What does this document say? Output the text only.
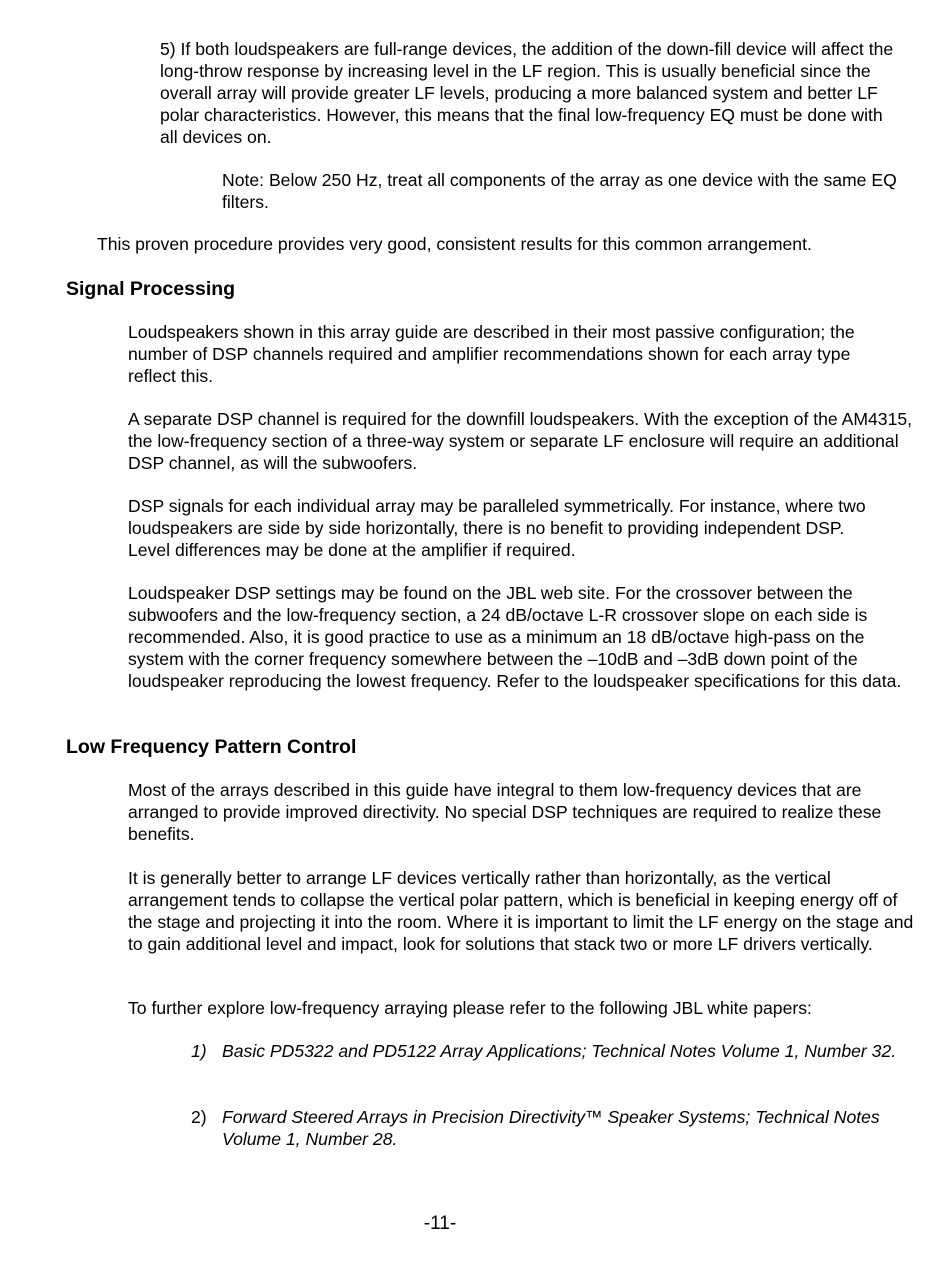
5) If both loudspeakers are full-range devices, the addition of the down-fill device will affect the long-throw response by increasing level in the LF region. This is usually beneficial since the overall array will provide greater LF levels, producing a more balanced system and better LF polar characteristics. However, this means that the final low-frequency EQ must be done with all devices on.

Note: Below 250 Hz, treat all components of the array as one device with the same EQ filters.

This proven procedure provides very good, consistent results for this common arrangement.

Signal Processing

Loudspeakers shown in this array guide are described in their most passive configuration; the number of DSP channels required and amplifier recommendations shown for each array type reflect this.

A separate DSP channel is required for the downfill loudspeakers. With the exception of the AM4315, the low-frequency section of a three-way system or separate LF enclosure will require an additional DSP channel, as will the subwoofers.

DSP signals for each individual array may be paralleled symmetrically. For instance, where two loudspeakers are side by side horizontally, there is no benefit to providing independent DSP. Level differences may be done at the amplifier if required.

Loudspeaker DSP settings may be found on the JBL web site. For the crossover between the subwoofers and the low-frequency section, a 24 dB/octave L-R crossover slope on each side is recommended. Also, it is good practice to use as a minimum an 18 dB/octave high-pass on the system with the corner frequency somewhere between the –10dB and –3dB down point of the loudspeaker reproducing the lowest frequency. Refer to the loudspeaker specifications for this data.

Low Frequency Pattern Control

Most of the arrays described in this guide have integral to them low-frequency devices that are arranged to provide improved directivity. No special DSP techniques are required to realize these benefits.

It is generally better to arrange LF devices vertically rather than horizontally, as the vertical arrangement tends to collapse the vertical polar pattern, which is beneficial in keeping energy off of the stage and projecting it into the room. Where it is important to limit the LF energy on the stage and to gain additional level and impact, look for solutions that stack two or more LF drivers vertically.

To further explore low-frequency arraying please refer to the following JBL white papers:

1) Basic PD5322 and PD5122 Array Applications; Technical Notes Volume 1, Number 32.
2) Forward Steered Arrays in Precision Directivity™ Speaker Systems; Technical Notes Volume 1, Number 28.
-11-
